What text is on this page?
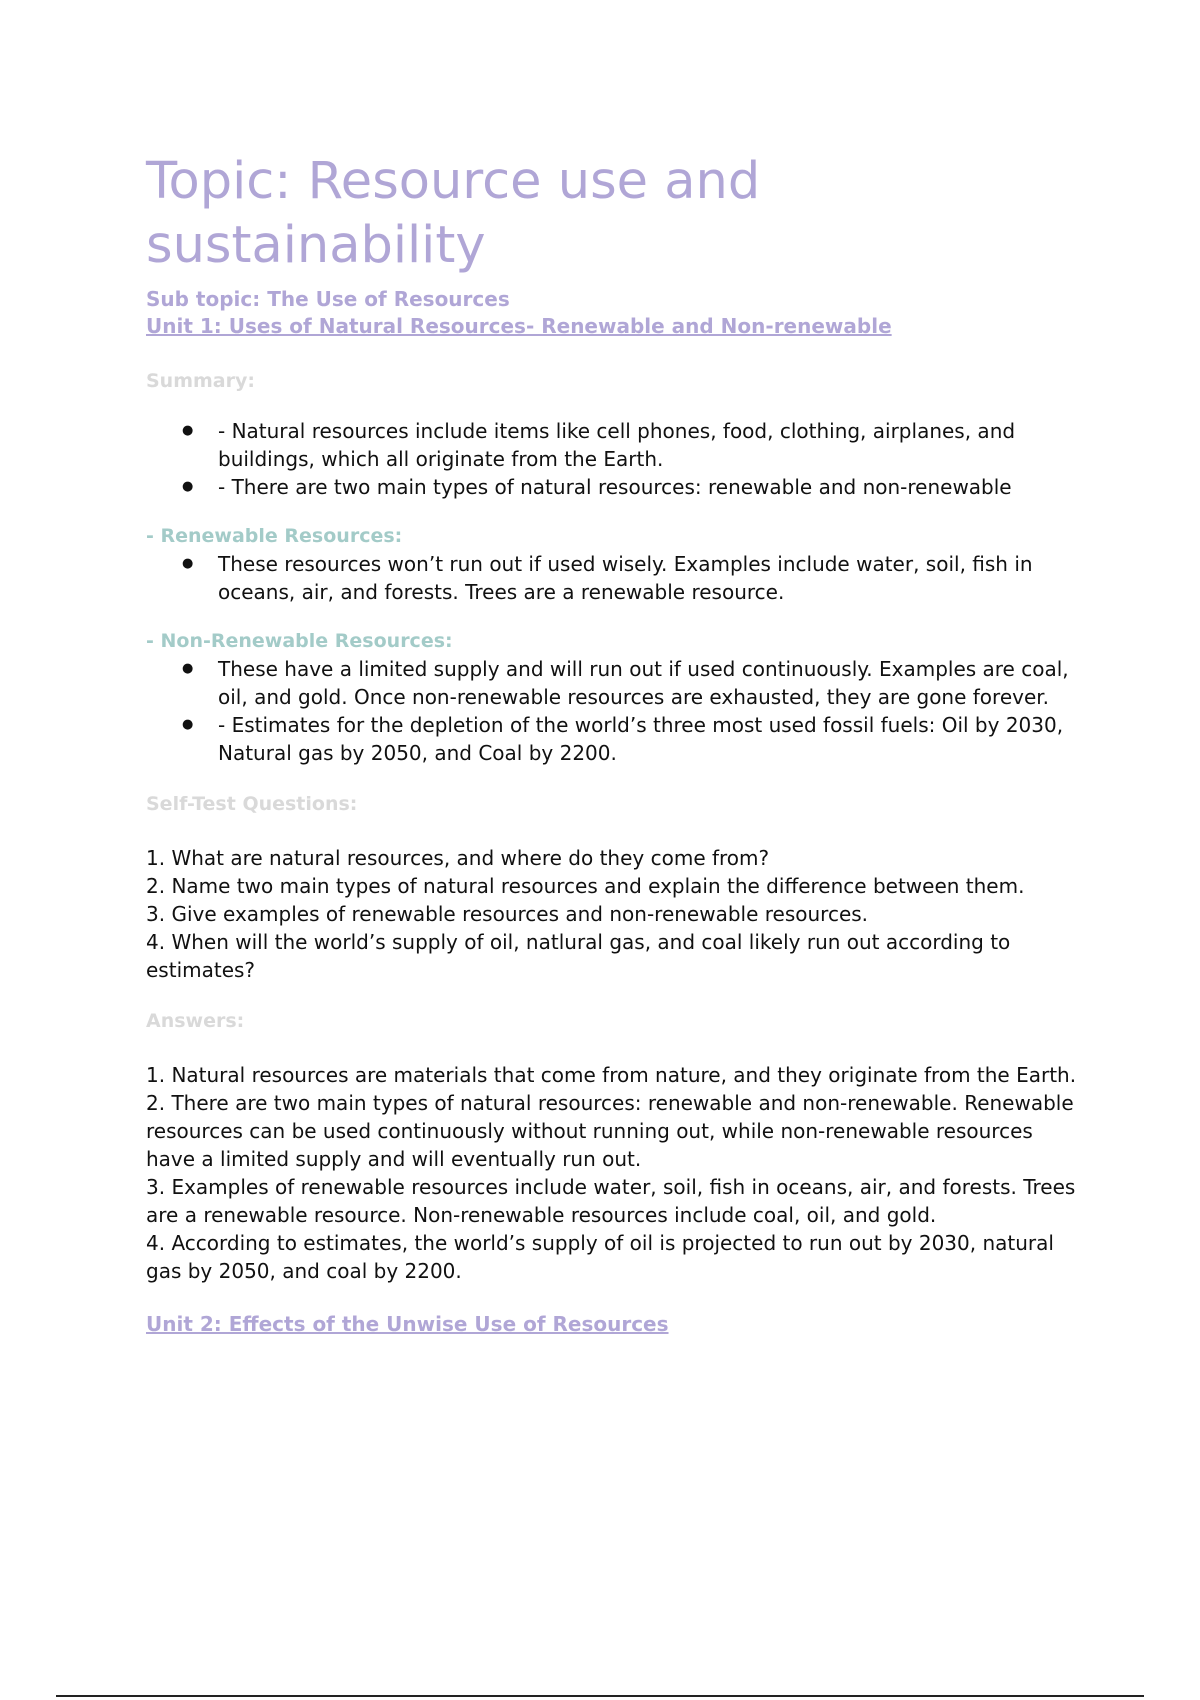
Topic: Resource use and sustainability
Sub topic: The Use of Resources
Unit 1: Uses of Natural Resources- Renewable and Non-renewable
Summary:
● - Natural resources include items like cell phones, food, clothing, airplanes, and buildings, which all originate from the Earth.
● - There are two main types of natural resources: renewable and non-renewable
- Renewable Resources:
● These resources won’t run out if used wisely. Examples include water, soil, fish in oceans, air, and forests. Trees are a renewable resource.
- Non-Renewable Resources:
● These have a limited supply and will run out if used continuously. Examples are coal, oil, and gold. Once non-renewable resources are exhausted, they are gone forever.
● - Estimates for the depletion of the world’s three most used fossil fuels: Oil by 2030, Natural gas by 2050, and Coal by 2200.
Self-Test Questions:

1. What are natural resources, and where do they come from?

2. Name two main types of natural resources and explain the difference between them.

3. Give examples of renewable resources and non-renewable resources.

4. When will the world’s supply of oil, natlural gas, and coal likely run out according to estimates?

Answers:

1. Natural resources are materials that come from nature, and they originate from the Earth.

2. There are two main types of natural resources: renewable and non-renewable. Renewable resources can be used continuously without running out, while non-renewable resources have a limited supply and will eventually run out.

3. Examples of renewable resources include water, soil, fish in oceans, air, and forests. Trees are a renewable resource. Non-renewable resources include coal, oil, and gold.

4. According to estimates, the world’s supply of oil is projected to run out by 2030, natural gas by 2050, and coal by 2200.

Unit 2: Effects of the Unwise Use of Resources
